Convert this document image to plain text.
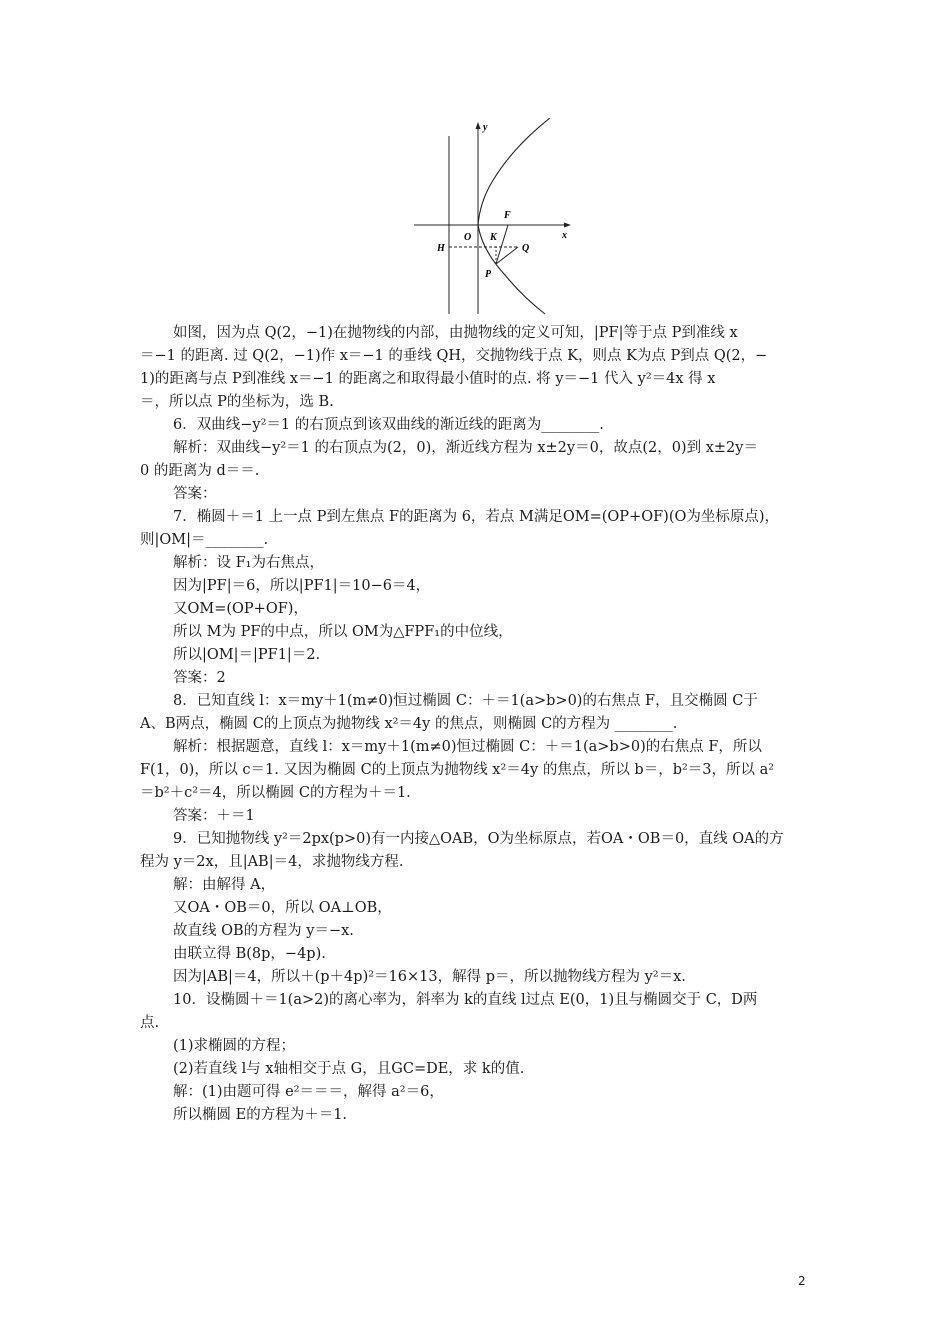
y
x
F
O K
H	Q
P

如图，因为点 Q(2，−1)在抛物线的内部，由抛物线的定义可知，|PF|等于点 P到准线 x

＝−1 的距离. 过 Q(2，−1)作 x＝−1 的垂线 QH，交抛物线于点 K，则点 K为点 P到点 Q(2，−

1)的距离与点 P到准线 x＝−1 的距离之和取得最小值时的点. 将 y＝−1 代入 y²＝4x 得 x

＝，所以点 P的坐标为，选 B.

6．双曲线−y²＝1 的右顶点到该双曲线的渐近线的距离为________.

解析：双曲线−y²＝1 的右顶点为(2，0)，渐近线方程为 x±2y＝0，故点(2，0)到 x±2y＝

0 的距离为 d＝＝.

答案：

7．椭圆＋＝1 上一点 P到左焦点 F的距离为 6，若点 M满足OM=(OP+OF)(O为坐标原点)，

则|OM|＝________.

解析：设 F₁为右焦点，

因为|PF|＝6，所以|PF1|＝10−6＝4，

又OM=(OP+OF)，

所以 M为 PF的中点，所以 OM为△FPF₁的中位线，

所以|OM|＝|PF1|＝2.

答案：2

8．已知直线 l：x＝my＋1(m≠0)恒过椭圆 C：＋＝1(a>b>0)的右焦点 F，且交椭圆 C于

A、B两点，椭圆 C的上顶点为抛物线 x²＝4y 的焦点，则椭圆 C的方程为 ________.

解析：根据题意，直线 l：x＝my＋1(m≠0)恒过椭圆 C：＋＝1(a>b>0)的右焦点 F，所以

F(1，0)，所以 c＝1. 又因为椭圆 C的上顶点为抛物线 x²＝4y 的焦点，所以 b＝，b²＝3，所以 a²

＝b²＋c²＝4，所以椭圆 C的方程为＋＝1.

答案：＋＝1

9．已知抛物线 y²＝2px(p>0)有一内接△OAB，O为坐标原点，若OA・OB＝0，直线 OA的方

程为 y＝2x，且|AB|＝4，求抛物线方程.

解：由解得 A，

又OA・OB＝0，所以 OA⊥OB，

故直线 OB的方程为 y＝−x.

由联立得 B(8p，−4p).

因为|AB|＝4，所以＋(p＋4p)²＝16×13，解得 p＝，所以抛物线方程为 y²＝x.

10．设椭圆＋＝1(a>2)的离心率为，斜率为 k的直线 l过点 E(0，1)且与椭圆交于 C，D两

点.

(1)求椭圆的方程；

(2)若直线 l与 x轴相交于点 G，且GC=DE，求 k的值.

解：(1)由题可得 e²＝＝＝，解得 a²＝6，

所以椭圆 E的方程为＋＝1.

2
